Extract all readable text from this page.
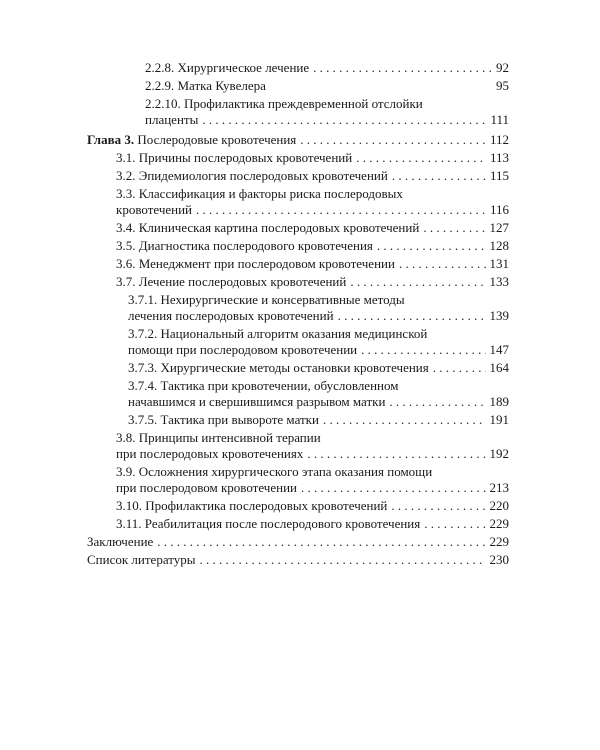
2.2.8. Хирургическое лечение . . .	92
2.2.9. Матка Кувелера	95
2.2.10. Профилактика преждевременной отслойки
плаценты . . .	111
Глава 3. Послеродовые кровотечения . . .	112
3.1. Причины послеродовых кровотечений . . .	113
3.2. Эпидемиология послеродовых кровотечений . . .	115
3.3. Классификация и факторы риска послеродовых
кровотечений . . .	116
3.4. Клиническая картина послеродовых кровотечений . . .	127
3.5. Диагностика послеродового кровотечения . . .	128
3.6. Менеджмент при послеродовом кровотечении . . .	131
3.7. Лечение послеродовых кровотечений . . .	133
3.7.1. Нехирургические и консервативные методы
лечения послеродовых кровотечений . . .	139
3.7.2. Национальный алгоритм оказания медицинской
помощи при послеродовом кровотечении . . .	147
3.7.3. Хирургические методы остановки кровотечения . . .	164
3.7.4. Тактика при кровотечении, обусловленном
начавшимся и свершившимся разрывом матки . . .	189
3.7.5. Тактика при вывороте матки . . .	191
3.8. Принципы интенсивной терапии
при послеродовых кровотечениях . . .	192
3.9. Осложнения хирургического этапа оказания помощи
при послеродовом кровотечении . . .	213
3.10. Профилактика послеродовых кровотечений . . .	220
3.11. Реабилитация после послеродового кровотечения . . .	229
Заключение . . .	229
Список литературы . . .	230
